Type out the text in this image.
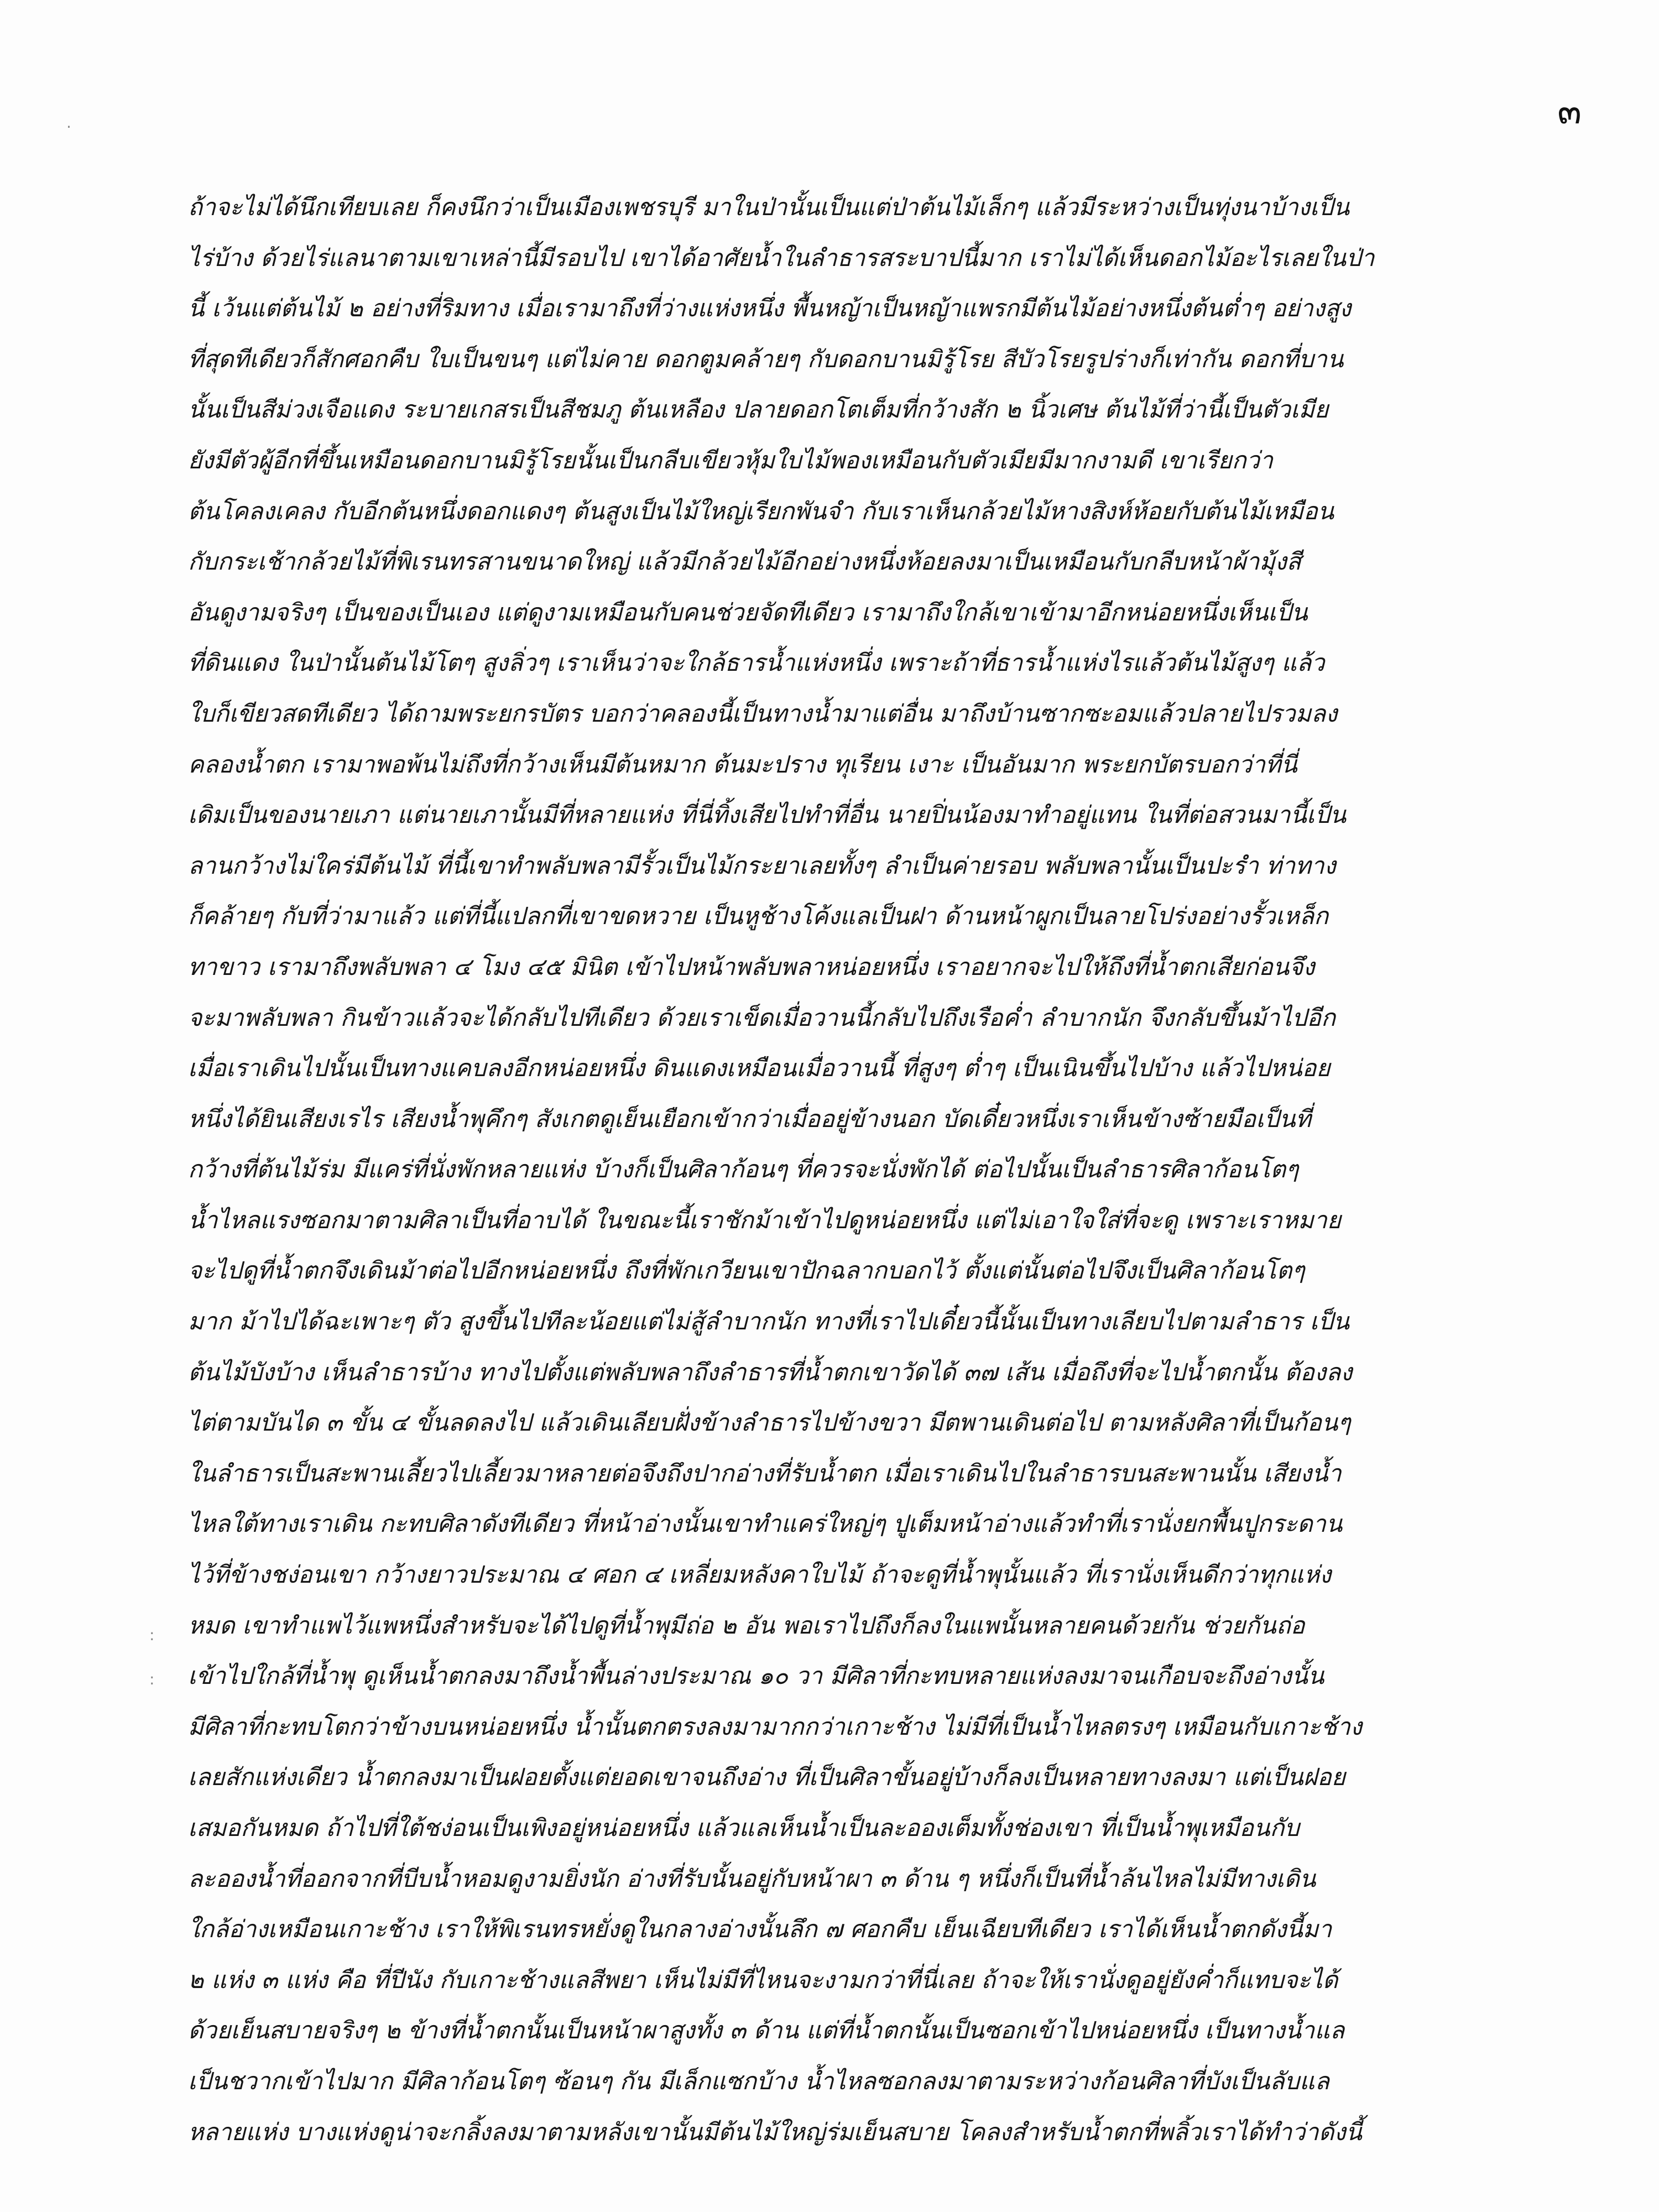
.
:
:
๓
ถ้าจะไม่ได้นึกเทียบเลย ก็คงนึกว่าเป็นเมืองเพชรบุรี มาในป่านั้นเป็นแต่ป่าต้นไม้เล็กๆ แล้วมีระหว่างเป็นทุ่งนาบ้างเป็น
ไร่บ้าง ด้วยไร่แลนาตามเขาเหล่านี้มีรอบไป เขาได้อาศัยน้ำในลำธารสระบาปนี้มาก เราไม่ได้เห็นดอกไม้อะไรเลยในป่า
นี้ เว้นแต่ต้นไม้ ๒ อย่างที่ริมทาง เมื่อเรามาถึงที่ว่างแห่งหนึ่ง พื้นหญ้าเป็นหญ้าแพรกมีต้นไม้อย่างหนึ่งต้นต่ำๆ อย่างสูง
ที่สุดทีเดียวก็สักศอกคืบ ใบเป็นขนๆ แต่ไม่คาย ดอกตูมคล้ายๆ กับดอกบานมิรู้โรย สีบัวโรยรูปร่างก็เท่ากัน ดอกที่บาน
นั้นเป็นสีม่วงเจือแดง ระบายเกสรเป็นสีชมภู ต้นเหลือง ปลายดอกโตเต็มที่กว้างสัก ๒ นิ้วเศษ ต้นไม้ที่ว่านี้เป็นตัวเมีย
ยังมีตัวผู้อีกที่ขึ้นเหมือนดอกบานมิรู้โรยนั้นเป็นกลีบเขียวหุ้มใบไม้พองเหมือนกับตัวเมียมีมากงามดี เขาเรียกว่า
ต้นโคลงเคลง กับอีกต้นหนึ่งดอกแดงๆ ต้นสูงเป็นไม้ใหญ่เรียกพันจำ กับเราเห็นกล้วยไม้หางสิงห์ห้อยกับต้นไม้เหมือน
กับกระเช้ากล้วยไม้ที่พิเรนทรสานขนาดใหญ่ แล้วมีกล้วยไม้อีกอย่างหนึ่งห้อยลงมาเป็นเหมือนกับกลีบหน้าผ้ามุ้งสี
อันดูงามจริงๆ เป็นของเป็นเอง แต่ดูงามเหมือนกับคนช่วยจัดทีเดียว เรามาถึงใกล้เขาเข้ามาอีกหน่อยหนึ่งเห็นเป็น
ที่ดินแดง ในป่านั้นต้นไม้โตๆ สูงลิ่วๆ เราเห็นว่าจะใกล้ธารน้ำแห่งหนึ่ง เพราะถ้าที่ธารน้ำแห่งไรแล้วต้นไม้สูงๆ แล้ว
ใบก็เขียวสดทีเดียว ได้ถามพระยกรบัตร บอกว่าคลองนี้เป็นทางน้ำมาแต่อื่น มาถึงบ้านซากซะอมแล้วปลายไปรวมลง
คลองน้ำตก เรามาพอพ้นไม่ถึงที่กว้างเห็นมีต้นหมาก ต้นมะปราง ทุเรียน เงาะ เป็นอันมาก พระยกบัตรบอกว่าที่นี่
เดิมเป็นของนายเภา แต่นายเภานั้นมีที่หลายแห่ง ที่นี่ทิ้งเสียไปทำที่อื่น นายปิ่นน้องมาทำอยู่แทน ในที่ต่อสวนมานี้เป็น
ลานกว้างไม่ใคร่มีต้นไม้ ที่นี้เขาทำพลับพลามีรั้วเป็นไม้กระยาเลยทั้งๆ ลำเป็นค่ายรอบ พลับพลานั้นเป็นปะรำ ท่าทาง
ก็คล้ายๆ กับที่ว่ามาแล้ว แต่ที่นี้แปลกที่เขาขดหวาย เป็นหูช้างโค้งแลเป็นฝา ด้านหน้าผูกเป็นลายโปร่งอย่างรั้วเหล็ก
ทาขาว เรามาถึงพลับพลา ๔ โมง ๔๕ มินิต เข้าไปหน้าพลับพลาหน่อยหนึ่ง เราอยากจะไปให้ถึงที่น้ำตกเสียก่อนจึง
จะมาพลับพลา กินข้าวแล้วจะได้กลับไปทีเดียว ด้วยเราเข็ดเมื่อวานนี้กลับไปถึงเรือค่ำ ลำบากนัก จึงกลับขึ้นม้าไปอีก
เมื่อเราเดินไปนั้นเป็นทางแคบลงอีกหน่อยหนึ่ง ดินแดงเหมือนเมื่อวานนี้ ที่สูงๆ ต่ำๆ เป็นเนินขึ้นไปบ้าง แล้วไปหน่อย
หนึ่งได้ยินเสียงเรไร เสียงน้ำพุคึกๆ สังเกตดูเย็นเยือกเข้ากว่าเมื่ออยู่ข้างนอก บัดเดี๋ยวหนึ่งเราเห็นข้างซ้ายมือเป็นที่
กว้างที่ต้นไม้ร่ม มีแคร่ที่นั่งพักหลายแห่ง บ้างก็เป็นศิลาก้อนๆ ที่ควรจะนั่งพักได้ ต่อไปนั้นเป็นลำธารศิลาก้อนโตๆ
น้ำไหลแรงซอกมาตามศิลาเป็นที่อาบได้ ในขณะนี้เราชักม้าเข้าไปดูหน่อยหนึ่ง แต่ไม่เอาใจใส่ที่จะดู เพราะเราหมาย
จะไปดูที่น้ำตกจึงเดินม้าต่อไปอีกหน่อยหนึ่ง ถึงที่พักเกวียนเขาปักฉลากบอกไว้ ตั้งแต่นั้นต่อไปจึงเป็นศิลาก้อนโตๆ
มาก ม้าไปได้ฉะเพาะๆ ตัว สูงขึ้นไปทีละน้อยแต่ไม่สู้ลำบากนัก ทางที่เราไปเดี๋ยวนี้นั้นเป็นทางเลียบไปตามลำธาร เป็น
ต้นไม้บังบ้าง เห็นลำธารบ้าง ทางไปตั้งแต่พลับพลาถึงลำธารที่น้ำตกเขาวัดได้ ๓๗ เส้น เมื่อถึงที่จะไปน้ำตกนั้น ต้องลง
ไต่ตามบันได ๓ ขั้น ๔ ขั้นลดลงไป แล้วเดินเลียบฝั่งข้างลำธารไปข้างขวา มีตพานเดินต่อไป ตามหลังศิลาที่เป็นก้อนๆ
ในลำธารเป็นสะพานเลี้ยวไปเลี้ยวมาหลายต่อจึงถึงปากอ่างที่รับน้ำตก เมื่อเราเดินไปในลำธารบนสะพานนั้น เสียงน้ำ
ไหลใต้ทางเราเดิน กะทบศิลาดังทีเดียว ที่หน้าอ่างนั้นเขาทำแคร่ใหญ่ๆ ปูเต็มหน้าอ่างแล้วทำที่เรานั่งยกพื้นปูกระดาน
ไว้ที่ข้างชง่อนเขา กว้างยาวประมาณ ๔ ศอก ๔ เหลี่ยมหลังคาใบไม้ ถ้าจะดูที่น้ำพุนั้นแล้ว ที่เรานั่งเห็นดีกว่าทุกแห่ง
หมด เขาทำแพไว้แพหนึ่งสำหรับจะได้ไปดูที่น้ำพุมีถ่อ ๒ อัน พอเราไปถึงก็ลงในแพนั้นหลายคนด้วยกัน ช่วยกันถ่อ
เข้าไปใกล้ที่น้ำพุ ดูเห็นน้ำตกลงมาถึงน้ำพื้นล่างประมาณ ๑๐ วา มีศิลาที่กะทบหลายแห่งลงมาจนเกือบจะถึงอ่างนั้น
มีศิลาที่กะทบโตกว่าข้างบนหน่อยหนึ่ง น้ำนั้นตกตรงลงมามากกว่าเกาะช้าง ไม่มีที่เป็นน้ำไหลตรงๆ เหมือนกับเกาะช้าง
เลยสักแห่งเดียว น้ำตกลงมาเป็นฝอยตั้งแต่ยอดเขาจนถึงอ่าง ที่เป็นศิลาขั้นอยู่บ้างก็ลงเป็นหลายทางลงมา แต่เป็นฝอย
เสมอกันหมด ถ้าไปที่ใต้ชง่อนเป็นเพิงอยู่หน่อยหนึ่ง แล้วแลเห็นน้ำเป็นละอองเต็มทั้งช่องเขา ที่เป็นน้ำพุเหมือนกับ
ละอองน้ำที่ออกจากที่บีบน้ำหอมดูงามยิ่งนัก อ่างที่รับนั้นอยู่กับหน้าผา ๓ ด้าน ๆ หนึ่งก็เป็นที่น้ำล้นไหลไม่มีทางเดิน
ใกล้อ่างเหมือนเกาะช้าง เราให้พิเรนทรหยั่งดูในกลางอ่างนั้นลึก ๗ ศอกคืบ เย็นเฉียบทีเดียว เราได้เห็นน้ำตกดังนี้มา
๒ แห่ง ๓ แห่ง คือ ที่ปีนัง กับเกาะช้างแลสีพยา เห็นไม่มีที่ไหนจะงามกว่าที่นี่เลย ถ้าจะให้เรานั่งดูอยู่ยังค่ำก็แทบจะได้
ด้วยเย็นสบายจริงๆ ๒ ข้างที่น้ำตกนั้นเป็นหน้าผาสูงทั้ง ๓ ด้าน แต่ที่น้ำตกนั้นเป็นซอกเข้าไปหน่อยหนึ่ง เป็นทางน้ำแล
เป็นชวากเข้าไปมาก มีศิลาก้อนโตๆ ซ้อนๆ กัน มีเล็กแซกบ้าง น้ำไหลซอกลงมาตามระหว่างก้อนศิลาที่บังเป็นลับแล
หลายแห่ง บางแห่งดูน่าจะกลิ้งลงมาตามหลังเขานั้นมีต้นไม้ใหญ่ร่มเย็นสบาย โคลงสำหรับน้ำตกที่พลิ้วเราได้ทำว่าดังนี้
